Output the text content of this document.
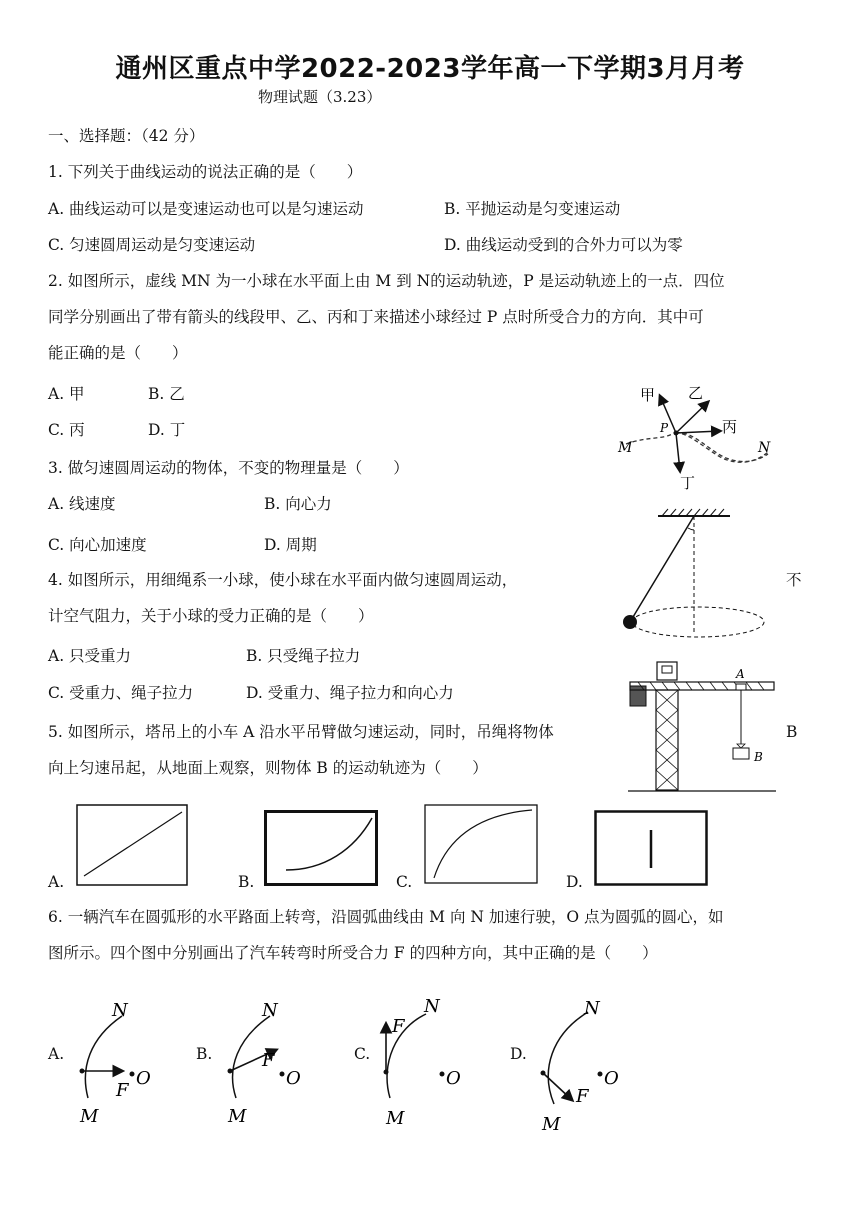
通州区重点中学2022-2023学年高一下学期3月月考
物理试题（3.23）
一、选择题：（42 分）
1. 下列关于曲线运动的说法正确的是（　　）
A. 曲线运动可以是变速运动也可以是匀速运动	B. 平抛运动是匀变速运动
C. 匀速圆周运动是匀变速运动	D. 曲线运动受到的合外力可以为零
2. 如图所示，虚线 MN 为一小球在水平面上由 M 到 N的运动轨迹，P 是运动轨迹上的一点．四位
同学分别画出了带有箭头的线段甲、乙、丙和丁来描述小球经过 P 点时所受合力的方向．其中可
能正确的是（　　）
A. 甲	B. 乙
C. 丙	D. 丁
甲 乙
丙
丁
P
M	N
3. 做匀速圆周运动的物体，不变的物理量是（　　）
A. 线速度	B. 向心力
C. 向心加速度	D. 周期
4. 如图所示，用细绳系一小球，使小球在水平面内做匀速圆周运动，	不
计空气阻力，关于小球的受力正确的是（　　）
A. 只受重力	B. 只受绳子拉力
C. 受重力、绳子拉力	D. 受重力、绳子拉力和向心力
A
B
5. 如图所示，塔吊上的小车 A 沿水平吊臂做匀速运动，同时，吊绳将物体	B
向上匀速吊起，从地面上观察，则物体 B 的运动轨迹为（　　）
A.	B.	C.	D.
6. 一辆汽车在圆弧形的水平路面上转弯，沿圆弧曲线由 M 向 N 加速行驶，O 点为圆弧的圆心，如
图所示。四个图中分别画出了汽车转弯时所受合力 F 的四种方向，其中正确的是（　　）
A.
N
M
O
F
B.
N
M
O
F	C.
N
M
O
F
D.
N
M
O
F
